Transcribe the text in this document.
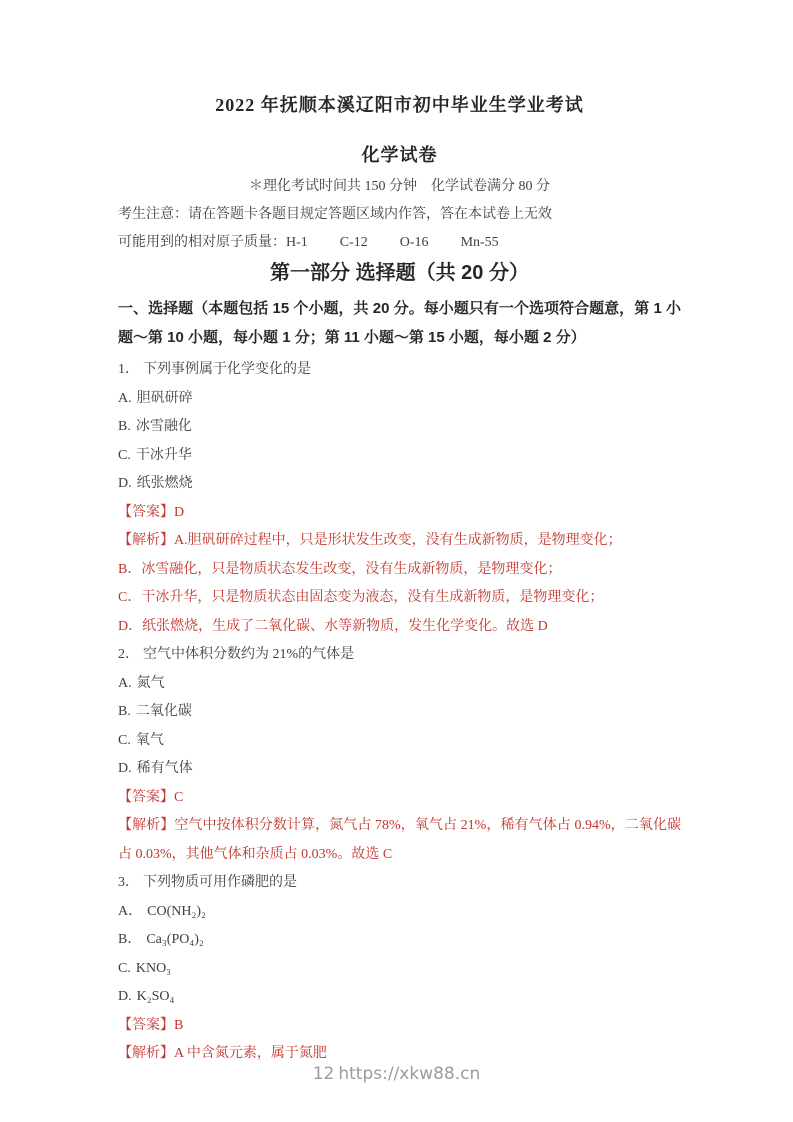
2022 年抚顺本溪辽阳市初中毕业生学业考试
化学试卷
＊理化考试时间共 150 分钟　化学试卷满分 80 分
考生注意：请在答题卡各题目规定答题区域内作答，答在本试卷上无效
可能用到的相对原子质量：H-1 C-12 O-16 Mn-55
第一部分 选择题（共 20 分）
一、选择题（本题包括 15 个小题，共 20 分。每小题只有一个选项符合题意，第 1 小题～第 10 小题，每小题 1 分；第 11 小题～第 15 小题，每小题 2 分）
1． 下列事例属于化学变化的是
A. 胆矾研碎
B. 冰雪融化
C. 干冰升华
D. 纸张燃烧
【答案】D
【解析】A.胆矾研碎过程中，只是形状发生改变，没有生成新物质，是物理变化；
B．冰雪融化，只是物质状态发生改变，没有生成新物质，是物理变化；
C．干冰升华，只是物质状态由固态变为液态，没有生成新物质，是物理变化；
D．纸张燃烧，生成了二氧化碳、水等新物质，发生化学变化。故选 D
2． 空气中体积分数约为 21%的气体是
A. 氮气
B. 二氧化碳
C. 氧气
D. 稀有气体
【答案】C
【解析】空气中按体积分数计算，氮气占 78%，氧气占 21%，稀有气体占 0.94%，二氧化碳占 0.03%，其他气体和杂质占 0.03%。故选 C
3． 下列物质可用作磷肥的是
A． CO(NH₂)₂
B． Ca₃(PO₄)₂
C. KNO₃
D. K₂SO₄
【答案】B
【解析】A 中含氮元素，属于氮肥
12 https://xkw88.cn
